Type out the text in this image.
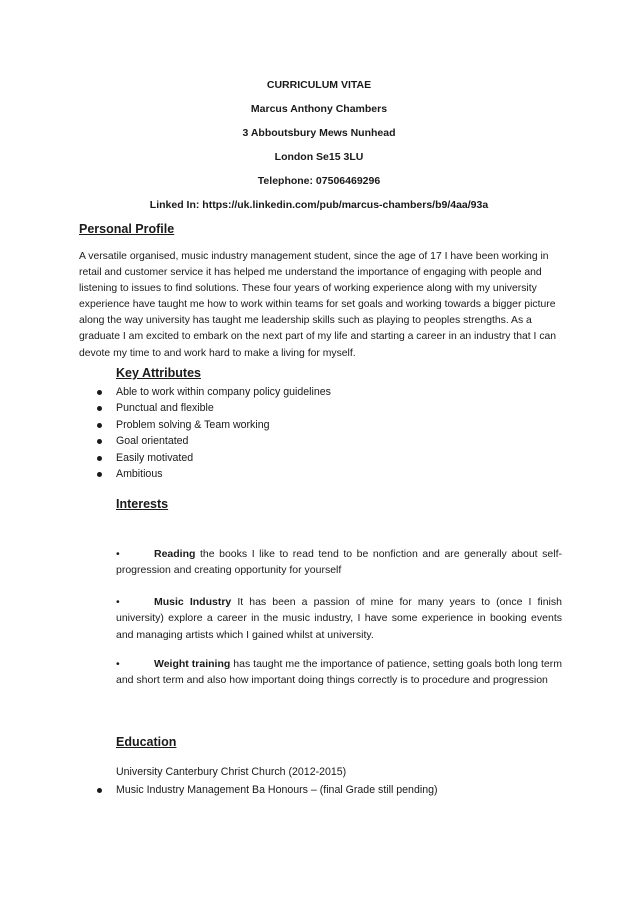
CURRICULUM VITAE
Marcus Anthony Chambers
3 Abboutsbury Mews Nunhead
London Se15 3LU
Telephone: 07506469296
Linked In: https://uk.linkedin.com/pub/marcus-chambers/b9/4aa/93a
Personal Profile

A versatile organised, music industry management student, since the age of 17 I have been working in retail and customer service it has helped me understand the importance of engaging with people and listening to issues to find solutions. These four years of working experience along with my university experience have taught me how to work within teams for set goals and working towards a bigger picture along the way university has taught me leadership skills such as playing to peoples strengths. As a graduate I am excited to embark on the next part of my life and starting a career in an industry that I can devote my time to and work hard to make a living for myself.

Key Attributes
Able to work within company policy guidelines
Punctual and flexible
Problem solving & Team working
Goal orientated
Easily motivated
Ambitious
Interests

•	Reading the books I like to read tend to be nonfiction and are generally about self-progression and creating opportunity for yourself

•	Music Industry It has been a passion of mine for many years to (once I finish university) explore a career in the music industry, I have some experience in booking events and managing artists which I gained whilst at university.

•	Weight training has taught me the importance of patience, setting goals both long term and short term and also how important doing things correctly is to procedure and progression

Education
University Canterbury Christ Church (2012-2015)
Music Industry Management Ba Honours – (final Grade still pending)
